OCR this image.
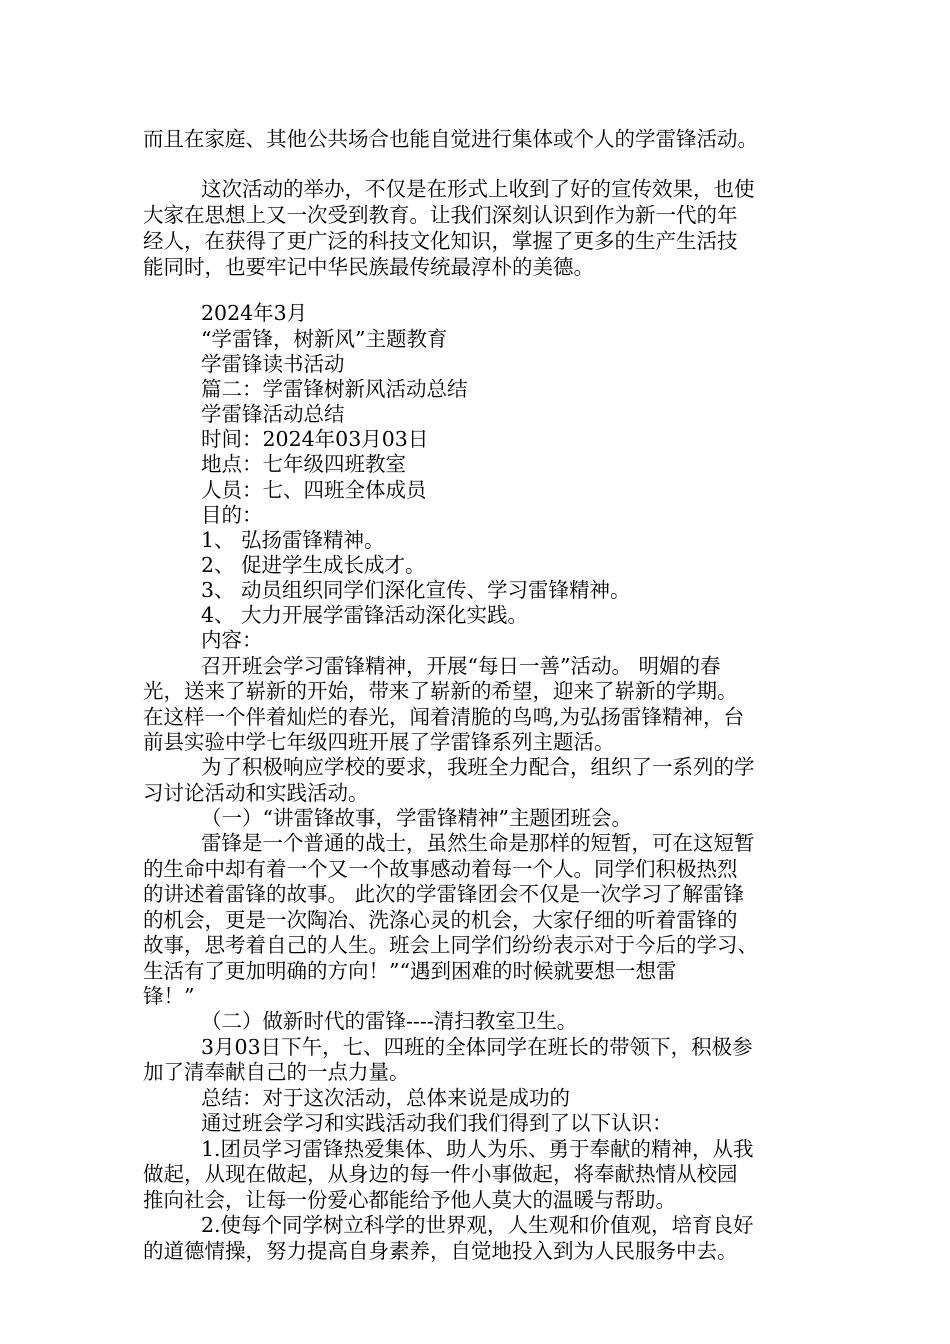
而且在家庭、其他公共场合也能自觉进行集体或个人的学雷锋活动。
这次活动的举办，不仅是在形式上收到了好的宣传效果，也使
大家在思想上又一次受到教育。让我们深刻认识到作为新一代的年
经人，在获得了更广泛的科技文化知识，掌握了更多的生产生活技
能同时，也要牢记中华民族最传统最淳朴的美德。
2024年3月
“学雷锋，树新风”主题教育
学雷锋读书活动
篇二：学雷锋树新风活动总结
学雷锋活动总结
时间：2024年03月03日
地点：七年级四班教室
人员：七、四班全体成员
目的：
1、 弘扬雷锋精神。
2、 促进学生成长成才。
3、 动员组织同学们深化宣传、学习雷锋精神。
4、 大力开展学雷锋活动深化实践。
内容：
召开班会学习雷锋精神，开展“每日一善”活动。 明媚的春
光，送来了崭新的开始，带来了崭新的希望，迎来了崭新的学期。
在这样一个伴着灿烂的春光，闻着清脆的鸟鸣,为弘扬雷锋精神，台
前县实验中学七年级四班开展了学雷锋系列主题活。
为了积极响应学校的要求，我班全力配合，组织了一系列的学
习讨论活动和实践活动。
（一）“讲雷锋故事，学雷锋精神”主题团班会。
雷锋是一个普通的战士，虽然生命是那样的短暂，可在这短暂
的生命中却有着一个又一个故事感动着每一个人。同学们积极热烈
的讲述着雷锋的故事。 此次的学雷锋团会不仅是一次学习了解雷锋
的机会，更是一次陶冶、洗涤心灵的机会，大家仔细的听着雷锋的
故事，思考着自己的人生。班会上同学们纷纷表示对于今后的学习、
生活有了更加明确的方向！”“遇到困难的时候就要想一想雷
锋！”
（二）做新时代的雷锋----清扫教室卫生。
3月03日下午，七、四班的全体同学在班长的带领下，积极参
加了清奉献自己的一点力量。
总结：对于这次活动，总体来说是成功的
通过班会学习和实践活动我们我们得到了以下认识：
1.团员学习雷锋热爱集体、助人为乐、勇于奉献的精神，从我
做起，从现在做起，从身边的每一件小事做起，将奉献热情从校园
推向社会，让每一份爱心都能给予他人莫大的温暖与帮助。
2.使每个同学树立科学的世界观，人生观和价值观，培育良好
的道德情操，努力提高自身素养，自觉地投入到为人民服务中去。
